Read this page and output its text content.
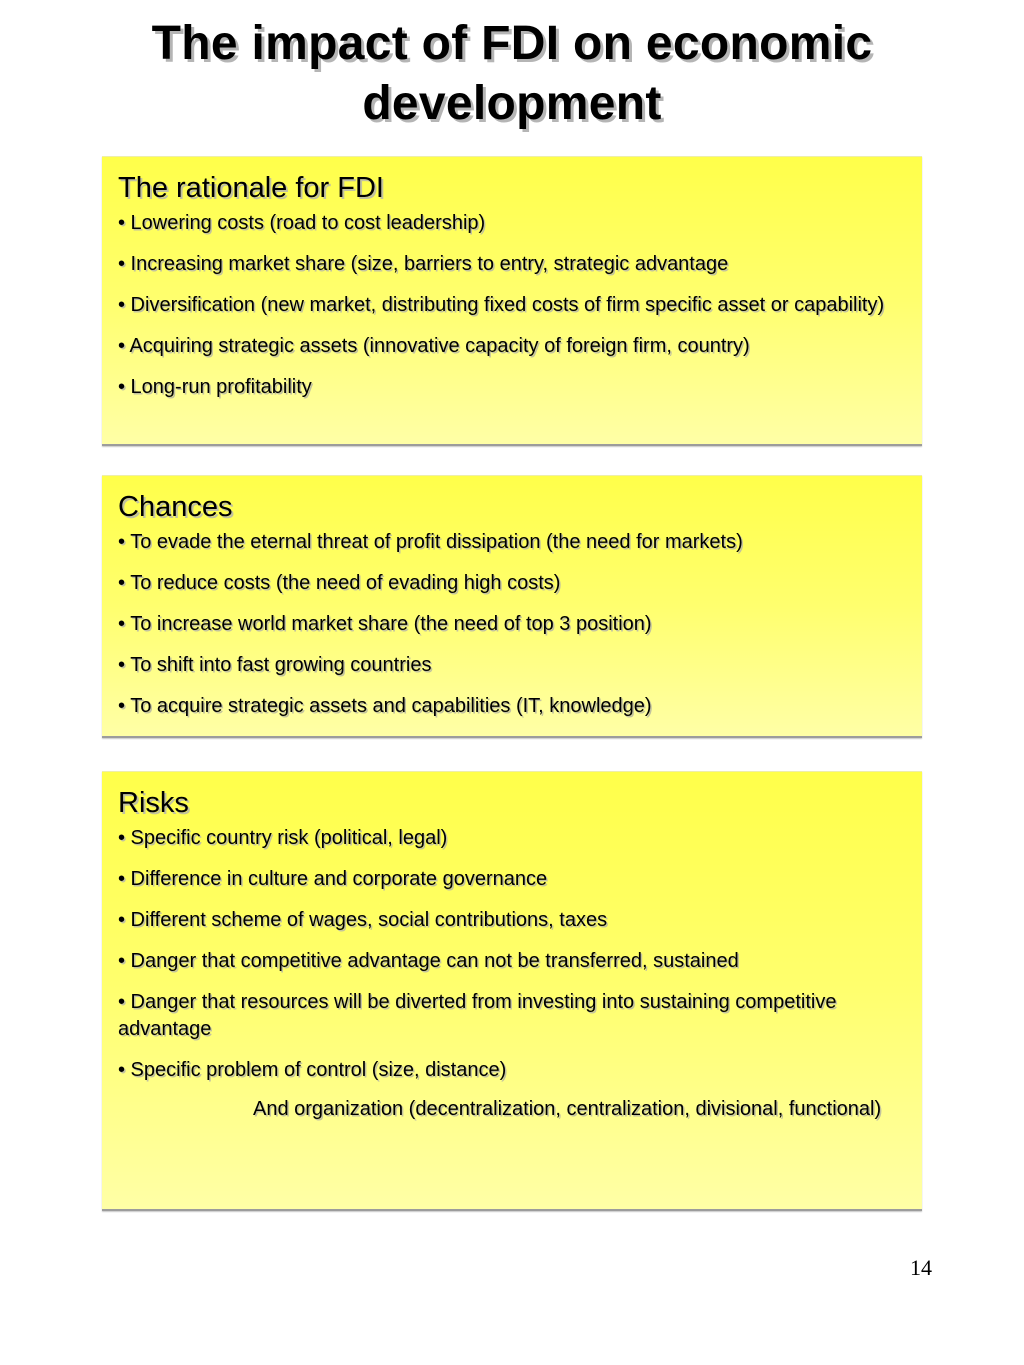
The impact of FDI on economic development
The rationale for FDI
• Lowering costs (road to cost leadership)
• Increasing market share (size, barriers to entry, strategic advantage
• Diversification (new market, distributing fixed costs of firm specific asset or capability)
• Acquiring strategic assets (innovative capacity of foreign firm, country)
• Long-run profitability
Chances
• To evade the eternal threat of profit dissipation (the need for markets)
• To reduce costs (the need of evading high costs)
• To increase world market share (the need of top 3 position)
• To shift into fast growing countries
• To acquire strategic assets and capabilities (IT, knowledge)
Risks
• Specific country risk (political, legal)
• Difference in culture and corporate governance
• Different scheme of wages, social contributions, taxes
• Danger that competitive advantage can not be transferred, sustained
• Danger that resources will be diverted from investing into sustaining competitive advantage
• Specific problem of control (size, distance)
And organization (decentralization, centralization, divisional, functional)
14
